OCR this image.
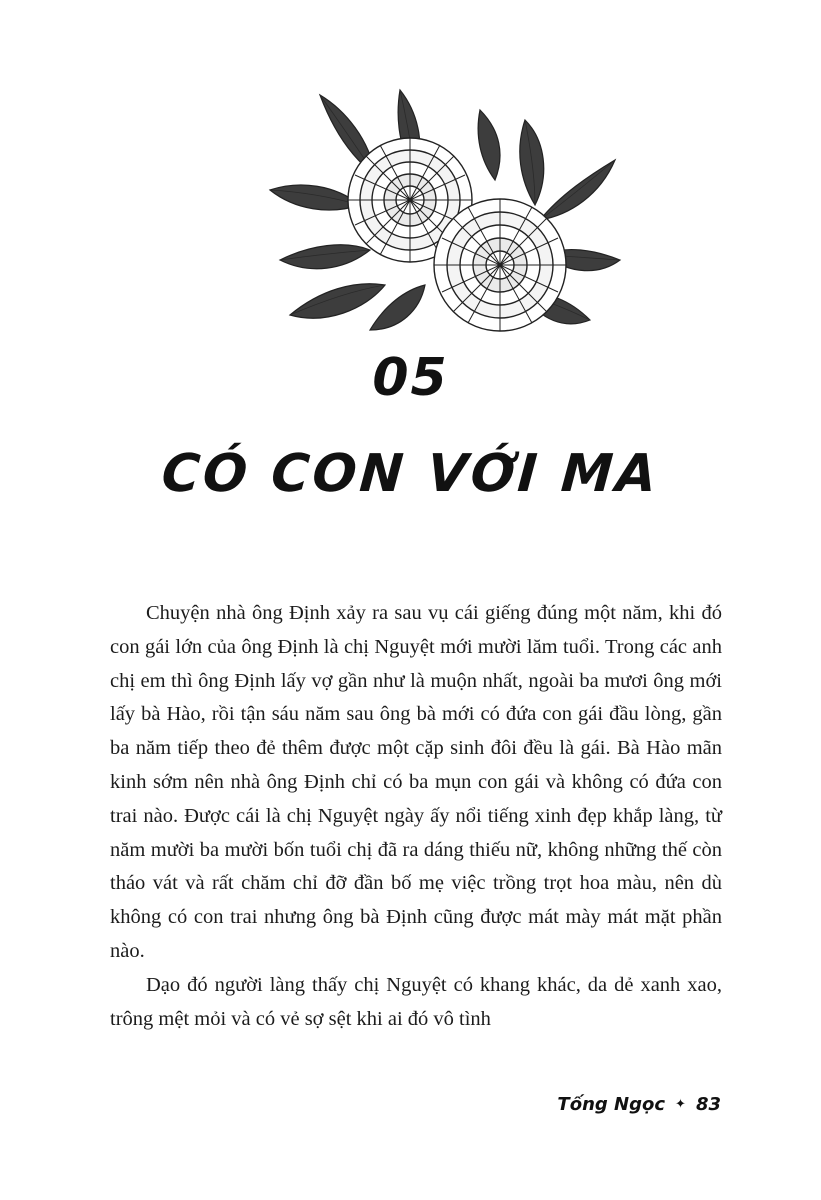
05
CÓ CON VỚI MA

Chuyện nhà ông Định xảy ra sau vụ cái giếng đúng một năm, khi đó con gái lớn của ông Định là chị Nguyệt mới mười lăm tuổi. Trong các anh chị em thì ông Định lấy vợ gần như là muộn nhất, ngoài ba mươi ông mới lấy bà Hào, rồi tận sáu năm sau ông bà mới có đứa con gái đầu lòng, gần ba năm tiếp theo đẻ thêm được một cặp sinh đôi đều là gái. Bà Hào mãn kinh sớm nên nhà ông Định chỉ có ba mụn con gái và không có đứa con trai nào. Được cái là chị Nguyệt ngày ấy nổi tiếng xinh đẹp khắp làng, từ năm mười ba mười bốn tuổi chị đã ra dáng thiếu nữ, không những thế còn tháo vát và rất chăm chỉ đỡ đần bố mẹ việc trồng trọt hoa màu, nên dù không có con trai nhưng ông bà Định cũng được mát mày mát mặt phần nào.

Dạo đó người làng thấy chị Nguyệt có khang khác, da dẻ xanh xao, trông mệt mỏi và có vẻ sợ sệt khi ai đó vô tình

Tống Ngọc ✦ 83
